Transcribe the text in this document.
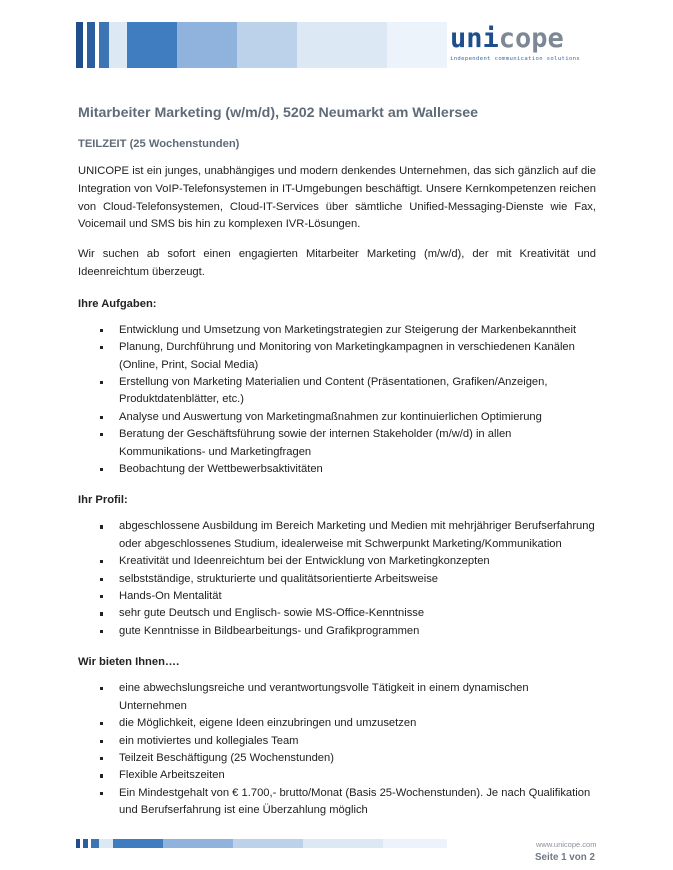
unicope
independent communication solutions
Mitarbeiter Marketing (w/m/d), 5202 Neumarkt am Wallersee
TEILZEIT (25 Wochenstunden)

UNICOPE ist ein junges, unabhängiges und modern denkendes Unternehmen, das sich gänzlich auf die Integration von VoIP-Telefonsystemen in IT-Umgebungen beschäftigt. Unsere Kernkompetenzen reichen von Cloud-Telefonsystemen, Cloud-IT-Services über sämtliche Unified-Messaging-Dienste wie Fax, Voicemail und SMS bis hin zu komplexen IVR-Lösungen.

Wir suchen ab sofort einen engagierten Mitarbeiter Marketing (m/w/d), der mit Kreativität und Ideenreichtum überzeugt.

Ihre Aufgaben:
Entwicklung und Umsetzung von Marketingstrategien zur Steigerung der Markenbekanntheit
Planung, Durchführung und Monitoring von Marketingkampagnen in verschiedenen Kanälen (Online, Print, Social Media)
Erstellung von Marketing Materialien und Content (Präsentationen, Grafiken/Anzeigen, Produktdatenblätter, etc.)
Analyse und Auswertung von Marketingmaßnahmen zur kontinuierlichen Optimierung
Beratung der Geschäftsführung sowie der internen Stakeholder (m/w/d) in allen Kommunikations- und Marketingfragen
Beobachtung der Wettbewerbsaktivitäten
Ihr Profil:
abgeschlossene Ausbildung im Bereich Marketing und Medien mit mehrjähriger Berufserfahrung oder abgeschlossenes Studium, idealerweise mit Schwerpunkt Marketing/Kommunikation
Kreativität und Ideenreichtum bei der Entwicklung von Marketingkonzepten
selbstständige, strukturierte und qualitätsorientierte Arbeitsweise
Hands-On Mentalität
sehr gute Deutsch und Englisch- sowie MS-Office-Kenntnisse
gute Kenntnisse in Bildbearbeitungs- und Grafikprogrammen
Wir bieten Ihnen….
eine abwechslungsreiche und verantwortungsvolle Tätigkeit in einem dynamischen Unternehmen
die Möglichkeit, eigene Ideen einzubringen und umzusetzen
ein motiviertes und kollegiales Team
Teilzeit Beschäftigung (25 Wochenstunden)
Flexible Arbeitszeiten
Ein Mindestgehalt von € 1.700,- brutto/Monat (Basis 25-Wochenstunden). Je nach Qualifikation und Berufserfahrung ist eine Überzahlung möglich
www.unicope.com
Seite 1 von 2
